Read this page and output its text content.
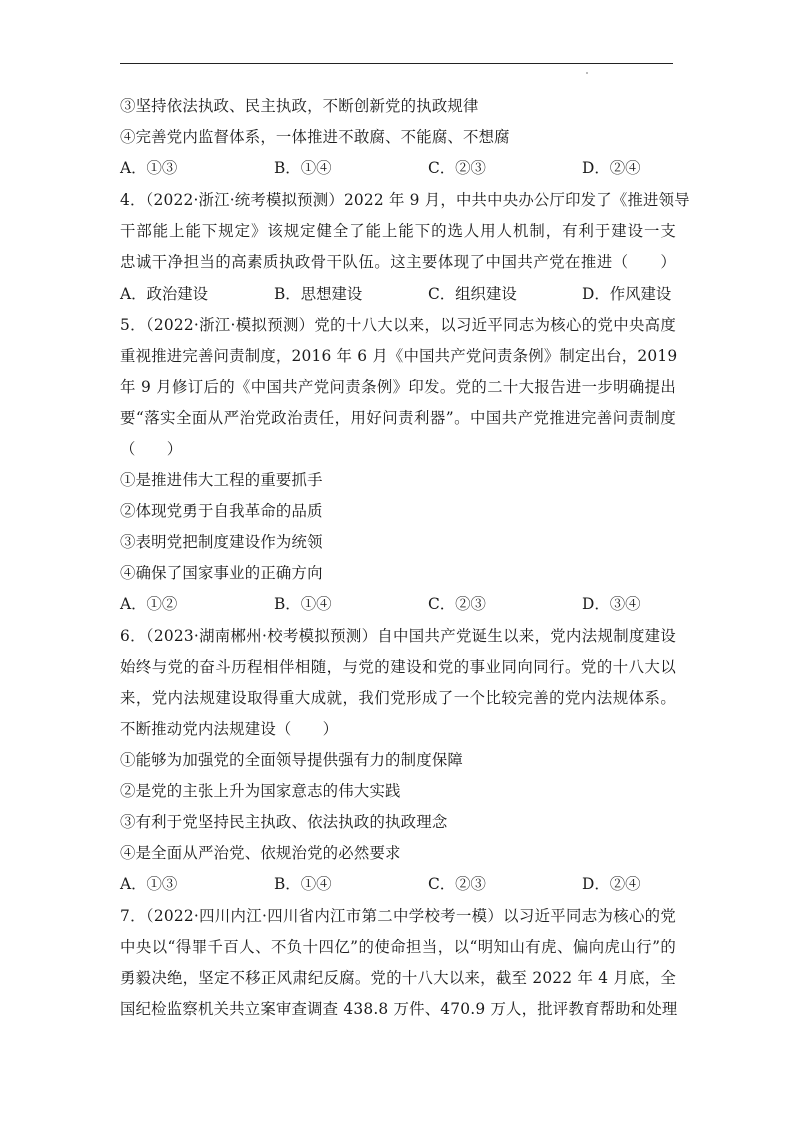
③坚持依法执政、民主执政，不断创新党的执政规律
④完善党内监督体系，一体推进不敢腐、不能腐、不想腐
A．①③	B．①④	C．②③	D．②④
4．（2022·浙江·统考模拟预测）2022 年 9 月，中共中央办公厅印发了《推进领导
干部能上能下规定》该规定健全了能上能下的选人用人机制，有利于建设一支
忠诚干净担当的高素质执政骨干队伍。这主要体现了中国共产党在推进（　　）
A．政治建设	B．思想建设	C．组织建设	D．作风建设
5．（2022·浙江·模拟预测）党的十八大以来，以习近平同志为核心的党中央高度
重视推进完善问责制度，2016 年 6 月《中国共产党问责条例》制定出台，2019
年 9 月修订后的《中国共产党问责条例》印发。党的二十大报告进一步明确提出
要“落实全面从严治党政治责任，用好问责利器”。中国共产党推进完善问责制度
（　　）
①是推进伟大工程的重要抓手
②体现党勇于自我革命的品质
③表明党把制度建设作为统领
④确保了国家事业的正确方向
A．①②	B．①④	C．②③	D．③④
6．（2023·湖南郴州·校考模拟预测）自中国共产党诞生以来，党内法规制度建设
始终与党的奋斗历程相伴相随，与党的建设和党的事业同向同行。党的十八大以
来，党内法规建设取得重大成就，我们党形成了一个比较完善的党内法规体系。
不断推动党内法规建设（　　）
①能够为加强党的全面领导提供强有力的制度保障
②是党的主张上升为国家意志的伟大实践
③有利于党坚持民主执政、依法执政的执政理念
④是全面从严治党、依规治党的必然要求
A．①③	B．①④	C．②③	D．②④
7．（2022·四川内江·四川省内江市第二中学校考一模）以习近平同志为核心的党
中央以“得罪千百人、不负十四亿”的使命担当，以“明知山有虎、偏向虎山行”的
勇毅决绝，坚定不移正风肃纪反腐。党的十八大以来，截至 2022 年 4 月底，全
国纪检监察机关共立案审查调查 438.8 万件、470.9 万人，批评教育帮助和处理
